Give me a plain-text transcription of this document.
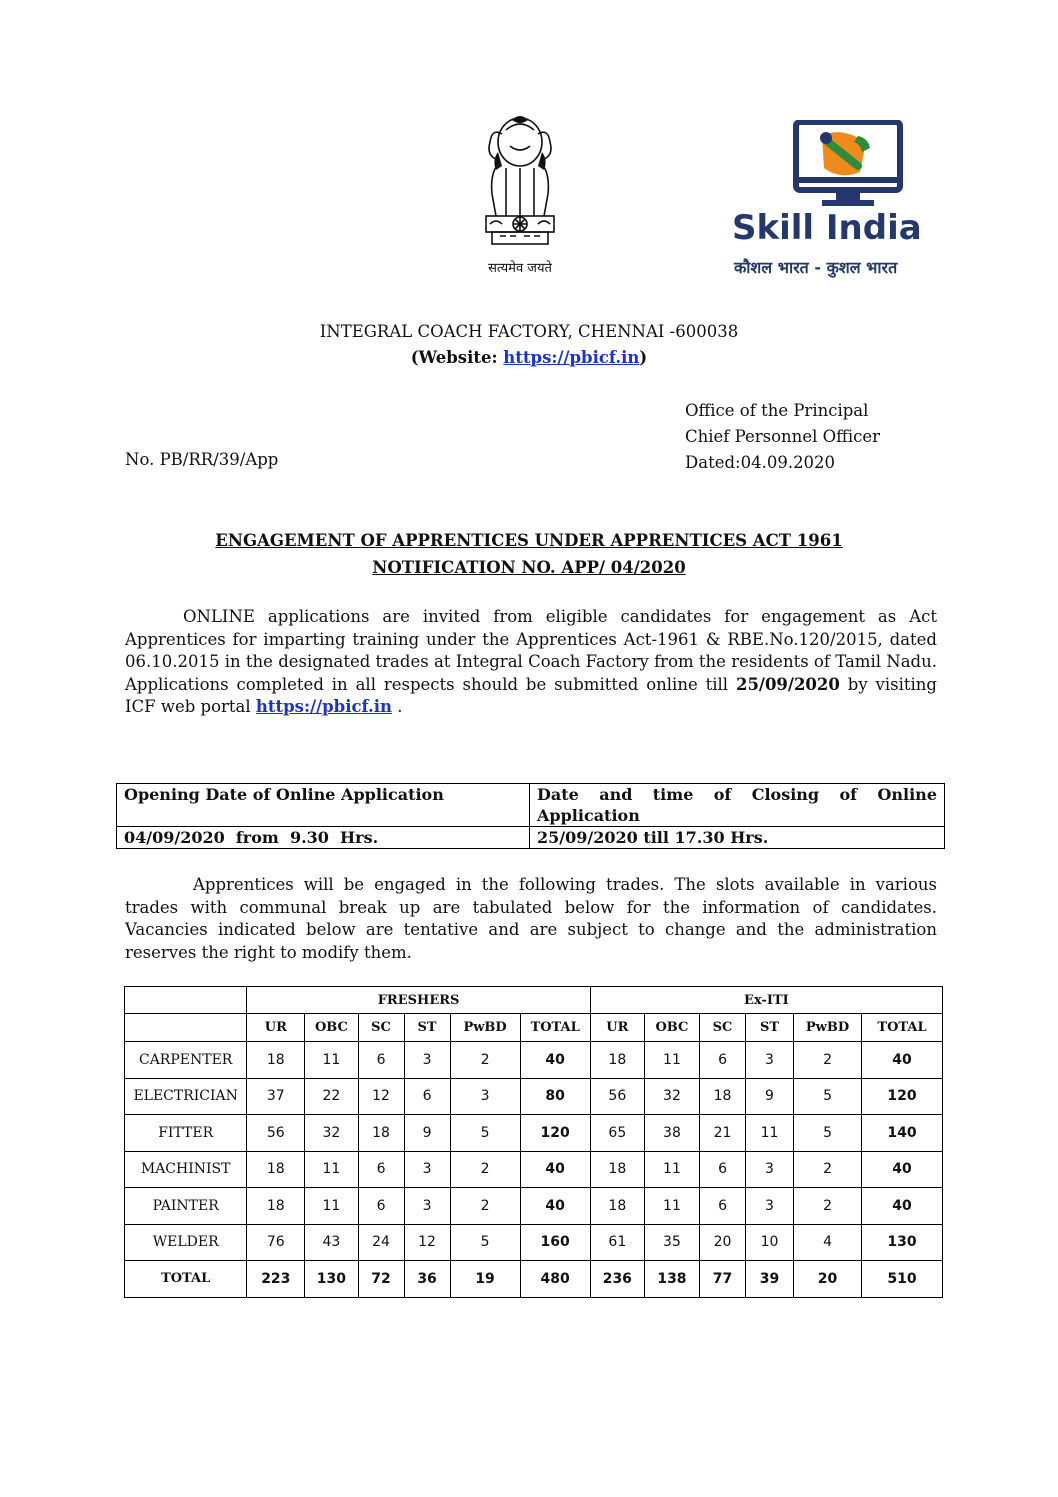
सत्यमेव जयते
Skill India
कौशल भारत - कुशल भारत
INTEGRAL COACH FACTORY, CHENNAI -600038
(Website: https://pbicf.in)
Office of the Principal
Chief Personnel Officer
Dated:04.09.2020
No. PB/RR/39/App
ENGAGEMENT OF APPRENTICES UNDER APPRENTICES ACT 1961
NOTIFICATION NO. APP/ 04/2020
ONLINE applications are invited from eligible candidates for engagement as Act Apprentices for imparting training under the Apprentices Act-1961 & RBE.No.120/2015, dated 06.10.2015 in the designated trades at Integral Coach Factory from the residents of Tamil Nadu. Applications completed in all respects should be submitted online till 25/09/2020 by visiting ICF web portal https://pbicf.in .
Opening Date of Online Application	Date and time of Closing of Online Application
04/09/2020  from  9.30  Hrs.	25/09/2020 till 17.30 Hrs.
Apprentices will be engaged in the following trades. The slots available in various trades with communal break up are tabulated below for the information of candidates. Vacancies indicated below are tentative and are subject to change and the administration reserves the right to modify them.
	FRESHERS						Ex-ITI					
	UR	OBC	SC	ST	PwBD	TOTAL	UR	OBC	SC	ST	PwBD	TOTAL
CARPENTER	18	11	6	3	2	40	18	11	6	3	2	40
ELECTRICIAN	37	22	12	6	3	80	56	32	18	9	5	120
FITTER	56	32	18	9	5	120	65	38	21	11	5	140
MACHINIST	18	11	6	3	2	40	18	11	6	3	2	40
PAINTER	18	11	6	3	2	40	18	11	6	3	2	40
WELDER	76	43	24	12	5	160	61	35	20	10	4	130
TOTAL	223	130	72	36	19	480	236	138	77	39	20	510
